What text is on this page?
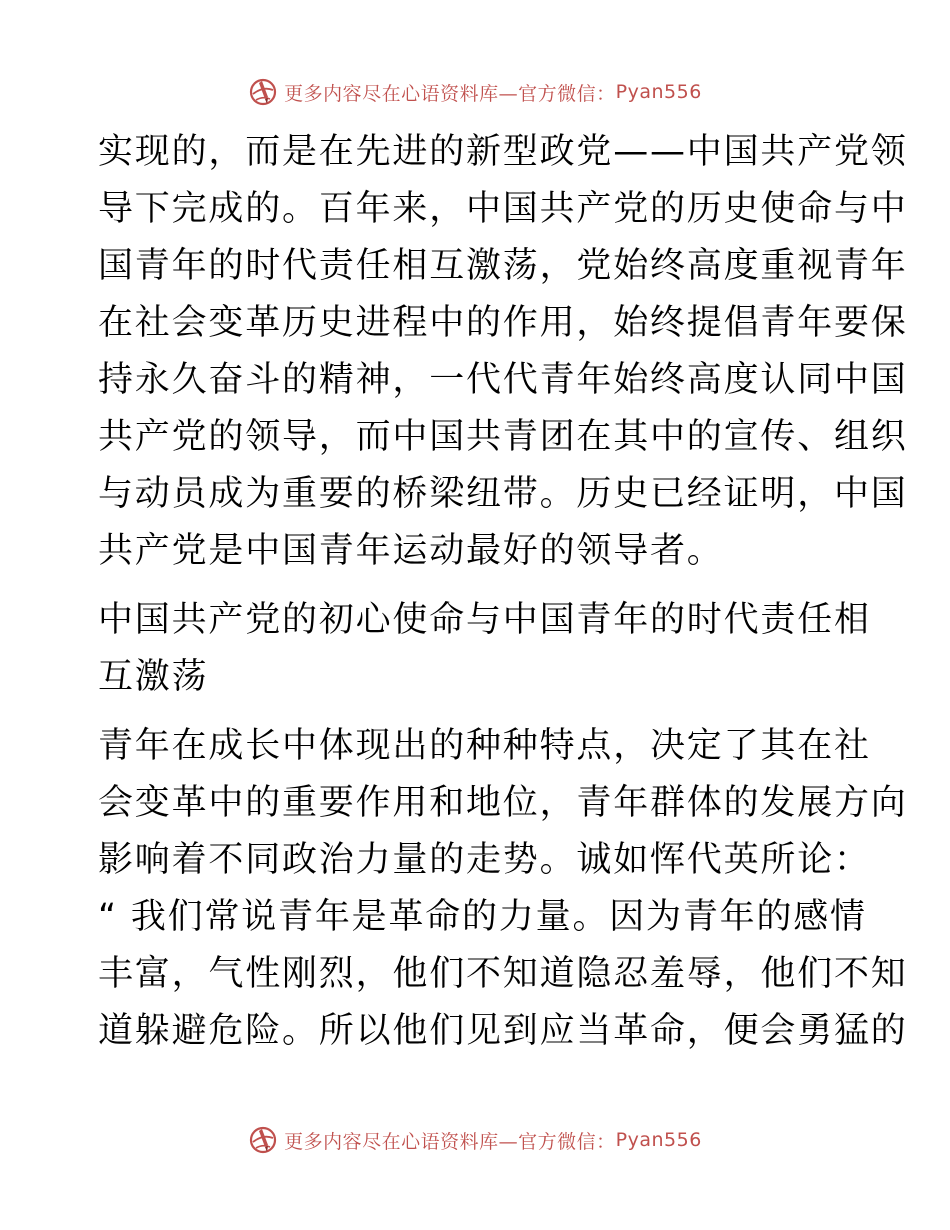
更多内容尽在心语资料库—官方微信： Pyan556

实现的，而是在先进的新型政党——中国共产党领
导下完成的。百年来，中国共产党的历史使命与中
国青年的时代责任相互激荡，党始终高度重视青年
在社会变革历史进程中的作用，始终提倡青年要保
持永久奋斗的精神，一代代青年始终高度认同中国
共产党的领导，而中国共青团在其中的宣传、组织
与动员成为重要的桥梁纽带。历史已经证明，中国
共产党是中国青年运动最好的领导者。

中国共产党的初心使命与中国青年的时代责任相
互激荡

青年在成长中体现出的种种特点，决定了其在社
会变革中的重要作用和地位，青年群体的发展方向
影响着不同政治力量的走势。诚如恽代英所论：
“ 我们常说青年是革命的力量。因为青年的感情
丰富，气性刚烈，他们不知道隐忍羞辱，他们不知
道躲避危险。所以他们见到应当革命，便会勇猛的

更多内容尽在心语资料库—官方微信： Pyan556
